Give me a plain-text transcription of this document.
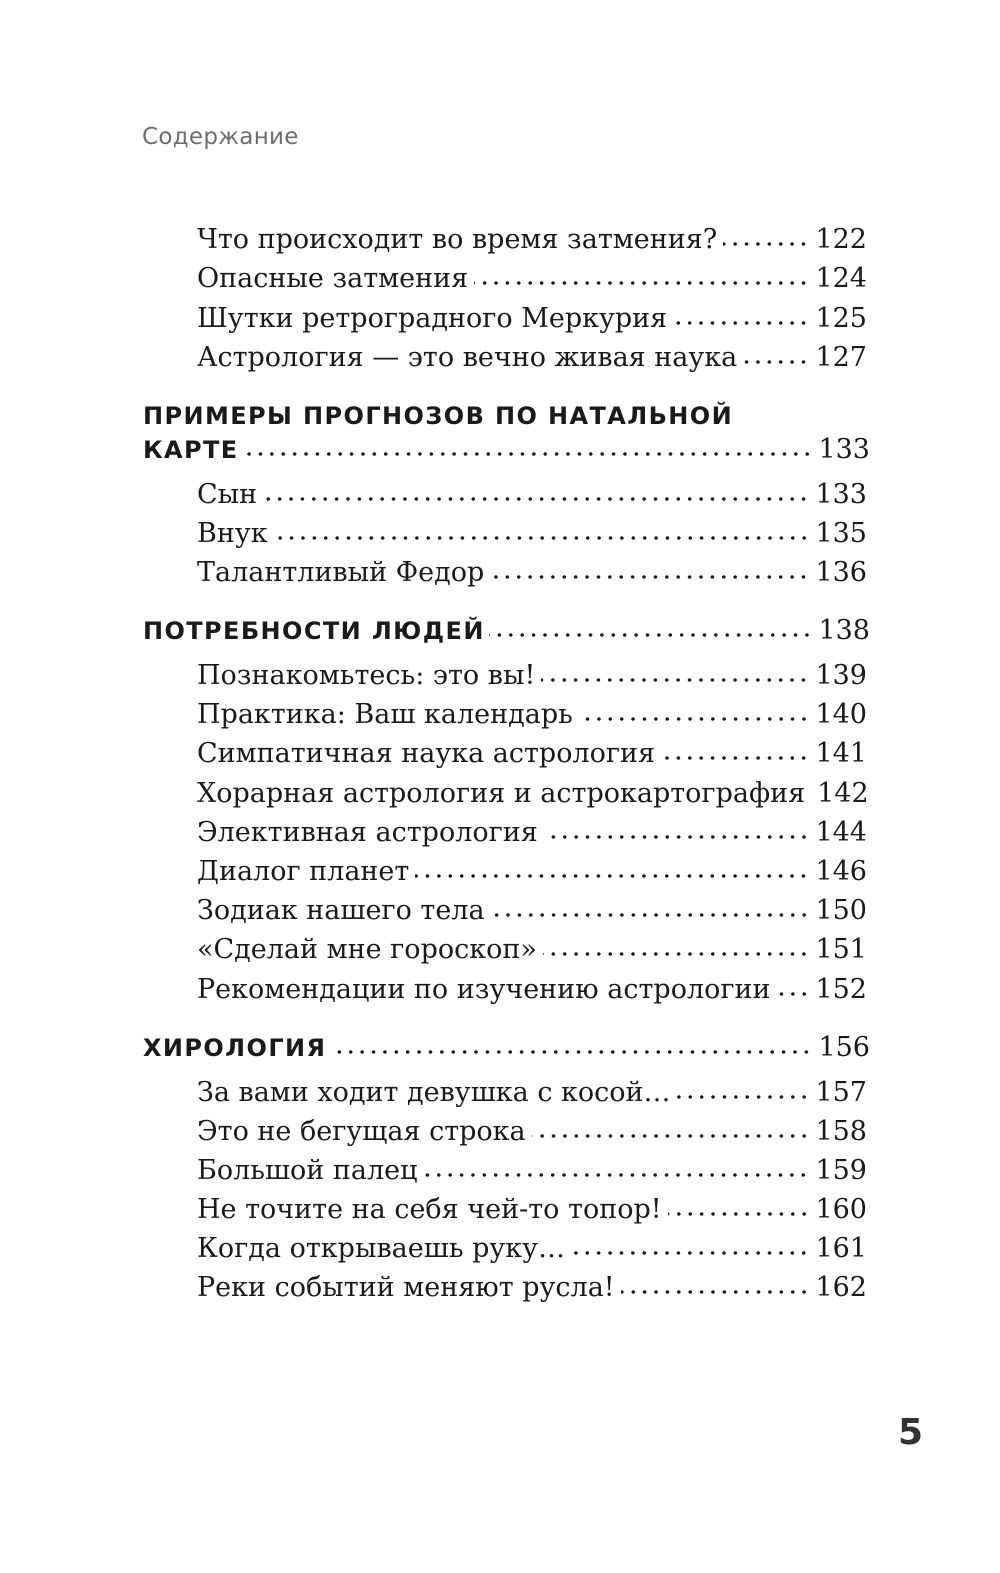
Содержание
Что происходит во время затмения?	122
Опасные затмения	124
Шутки ретроградного Меркурия	125
Астрология — это вечно живая наука	127
ПРИМЕРЫ ПРОГНОЗОВ ПО НАТАЛЬНОЙ
КАРТЕ	133
Сын	133
Внук	135
Талантливый Федор	136
ПОТРЕБНОСТИ ЛЮДЕЙ	138
Познакомьтесь: это вы!	139
Практика: Ваш календарь	140
Симпатичная наука астрология	141
Хорарная астрология и астрокартография 142
Элективная астрология	144
Диалог планет	146
Зодиак нашего тела	150
«Сделай мне гороскоп»	151
Рекомендации по изучению астрологии 152
ХИРОЛОГИЯ	156
За вами ходит девушка с косой…	157
Это не бегущая строка	158
Большой палец	159
Не точите на себя чей-то топор!	160
Когда открываешь руку…	161
Реки событий меняют русла!	162
5
